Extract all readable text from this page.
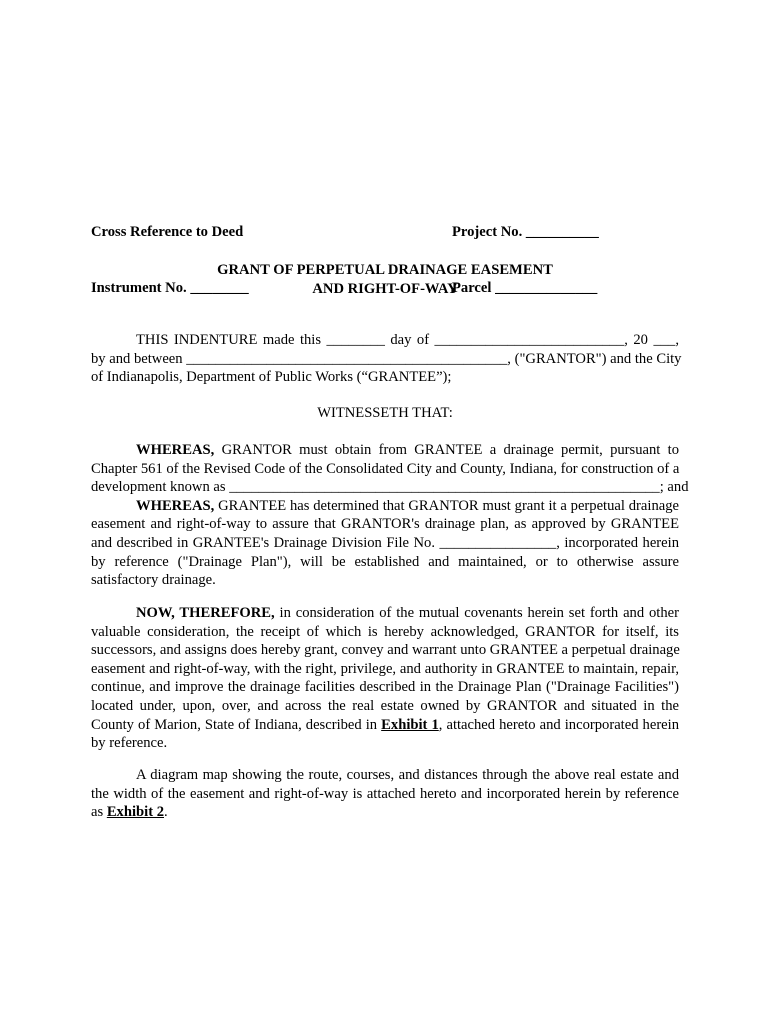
Cross Reference to Deed

Instrument No. ________

Project No. __________

Parcel ______________

GRANT OF PERPETUAL DRAINAGE EASEMENT
AND RIGHT-OF-WAY
THIS INDENTURE made this ________ day of __________________________, 20 ___,
by and between ____________________________________________, ("GRANTOR") and the City
of Indianapolis, Department of Public Works (“GRANTEE”);
WITNESSETH THAT:
WHEREAS, GRANTOR must obtain from GRANTEE a drainage permit, pursuant to
Chapter 561 of the Revised Code of the Consolidated City and County, Indiana, for construction of a
development known as ___________________________________________________________; and
WHEREAS, GRANTEE has determined that GRANTOR must grant it a perpetual drainage
easement and right-of-way to assure that GRANTOR's drainage plan, as approved by GRANTEE
and described in GRANTEE's Drainage Division File No. ________________, incorporated herein
by reference ("Drainage Plan"), will be established and maintained, or to otherwise assure
satisfactory drainage.
NOW, THEREFORE, in consideration of the mutual covenants herein set forth and other
valuable consideration, the receipt of which is hereby acknowledged, GRANTOR for itself, its
successors, and assigns does hereby grant, convey and warrant unto GRANTEE a perpetual drainage
easement and right-of-way, with the right, privilege, and authority in GRANTEE to maintain, repair,
continue, and improve the drainage facilities described in the Drainage Plan ("Drainage Facilities")
located under, upon, over, and across the real estate owned by GRANTOR and situated in the
County of Marion, State of Indiana, described in Exhibit 1, attached hereto and incorporated herein
by reference.
A diagram map showing the route, courses, and distances through the above real estate and
the width of the easement and right-of-way is attached hereto and incorporated herein by reference
as Exhibit 2.
